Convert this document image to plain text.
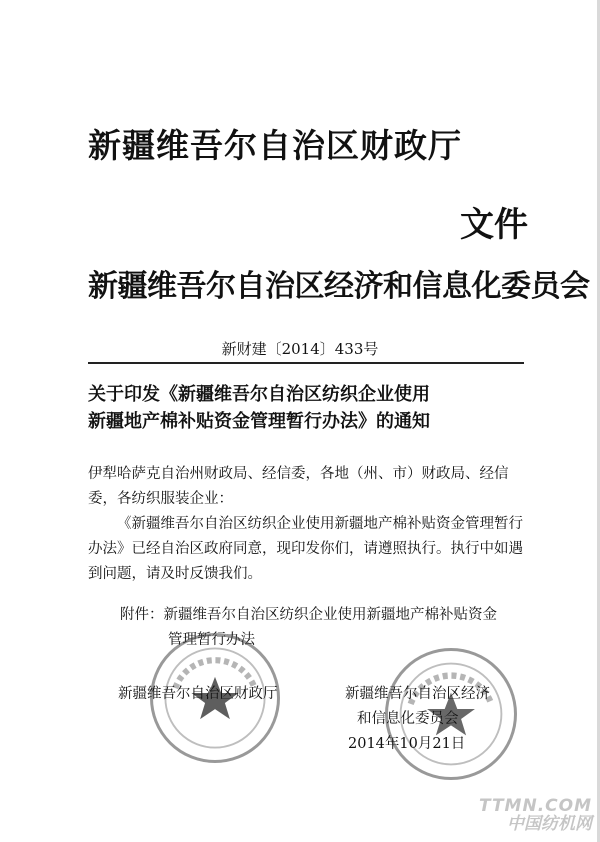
新疆维吾尔自治区财政厅
文件
新疆维吾尔自治区经济和信息化委员会
新财建〔2014〕433号
关于印发《新疆维吾尔自治区纺织企业使用
新疆地产棉补贴资金管理暂行办法》的通知

伊犁哈萨克自治州财政局、经信委，各地（州、市）财政局、经信委，各纺织服装企业：

《新疆维吾尔自治区纺织企业使用新疆地产棉补贴资金管理暂行办法》已经自治区政府同意，现印发你们，请遵照执行。执行中如遇到问题，请及时反馈我们。

附件：新疆维吾尔自治区纺织企业使用新疆地产棉补贴资金
管理暂行办法
新疆维吾尔自治区财政厅	新疆维吾尔自治区经济
和信息化委员会
2014年10月21日
TTMN.COM
中国纺机网
